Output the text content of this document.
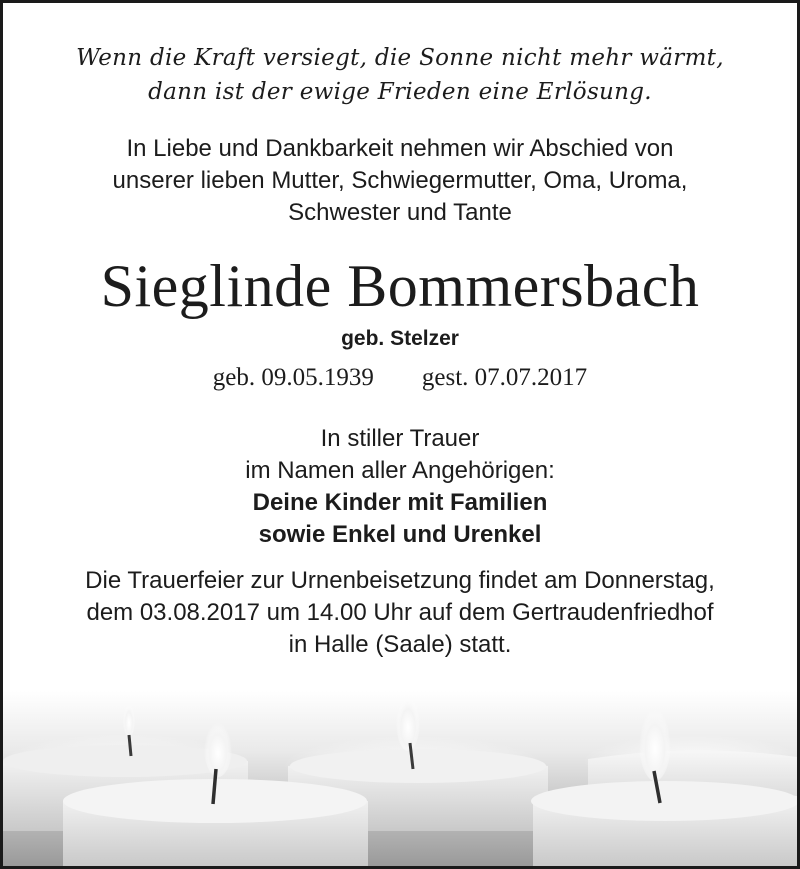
Wenn die Kraft versiegt, die Sonne nicht mehr wärmt,
dann ist der ewige Frieden eine Erlösung.
In Liebe und Dankbarkeit nehmen wir Abschied von
unserer lieben Mutter, Schwiegermutter, Oma, Uroma,
Schwester und Tante
Sieglinde Bommersbach
geb. Stelzer
geb. 09.05.1939 gest. 07.07.2017
In stiller Trauer
im Namen aller Angehörigen:
Deine Kinder mit Familien
sowie Enkel und Urenkel
Die Trauerfeier zur Urnenbeisetzung findet am Donnerstag,
dem 03.08.2017 um 14.00 Uhr auf dem Gertraudenfriedhof
in Halle (Saale) statt.
